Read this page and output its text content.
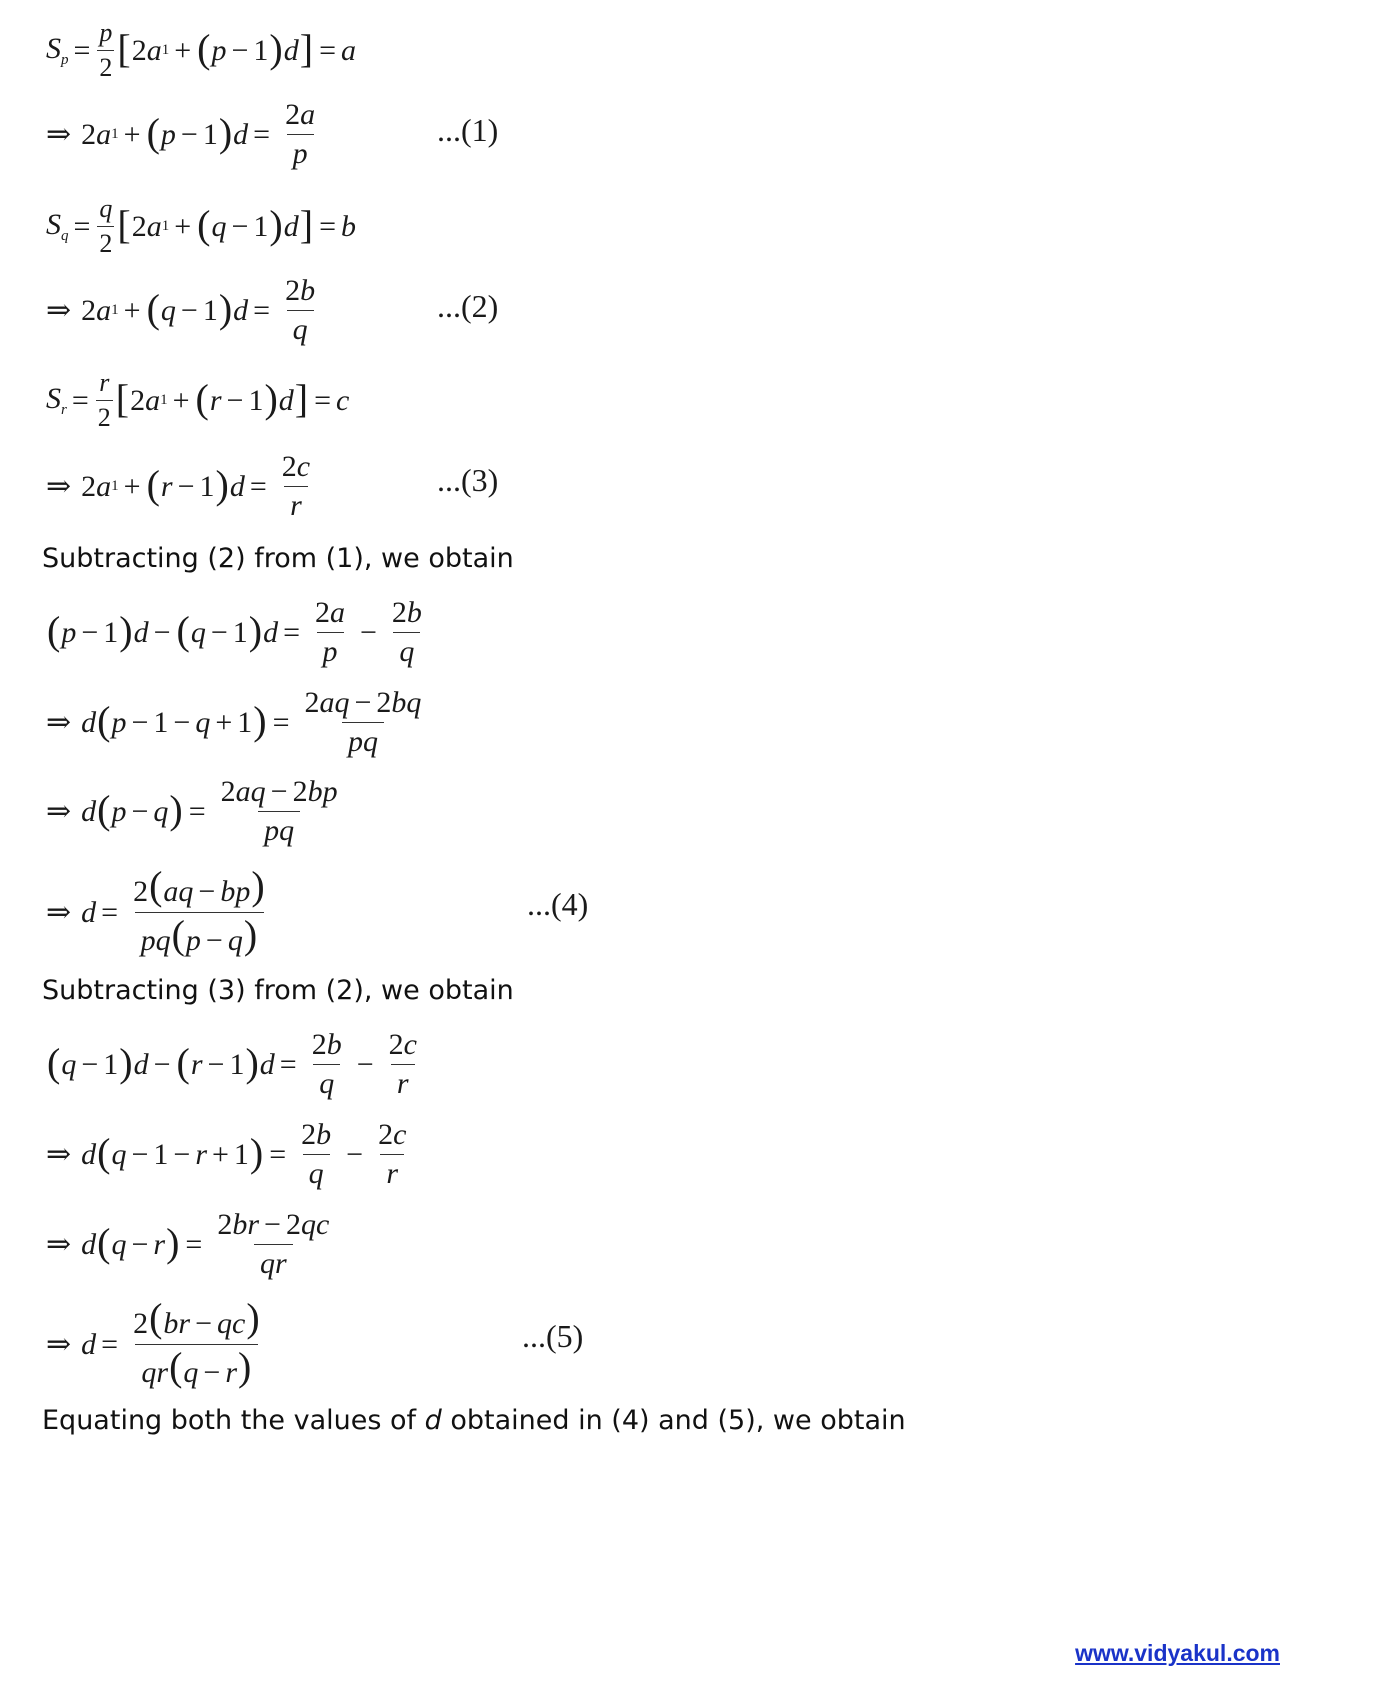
$S_p = \frac{p}{2}$ [ 2 a 1 + ( p − 1 ) d ] = a
⇒ 2 a 1 + ( p − 1 ) $d = \frac{2a}{p}$	...(1)
$S_q = \frac{q}{2}$ [ 2 a 1 + ( q − 1 ) d ] = b
⇒ 2 a 1 + ( q − 1 ) $d = \frac{2b}{q}$	...(2)
$S_r = \frac{r}{2}$ [ 2 a 1 + ( r − 1 ) d ] = c
⇒ 2 a 1 + ( r − 1 ) $d = \frac{2c}{r}$	...(3)
Subtracting (2) from (1), we obtain
( p − 1 ) d − ( q − 1 ) $d = \frac{2a}{p} - \frac{2b}{q}$
⇒ d ( p − 1 − q + 1 ) = $\frac{2aq - 2bq}{pq}$
⇒ d ( p − q ) = $\frac{2aq - 2bp}{pq}$
⇒ $d = \frac{2(aq - bp)}{pq(p - q)}$	...(4)
Subtracting (3) from (2), we obtain
( q − 1 ) d − ( r − 1 ) $d = \frac{2b}{q} - \frac{2c}{r}$
⇒ d ( q − 1 − r + 1 ) = $\frac{2b}{q} - \frac{2c}{r}$
⇒ d ( q − r ) = $\frac{2br - 2qc}{qr}$
⇒ $d = \frac{2(br - qc)}{qr(q - r)}$	...(5)
Equating both the values of d obtained in (4) and (5), we obtain
www.vidyakul.com
